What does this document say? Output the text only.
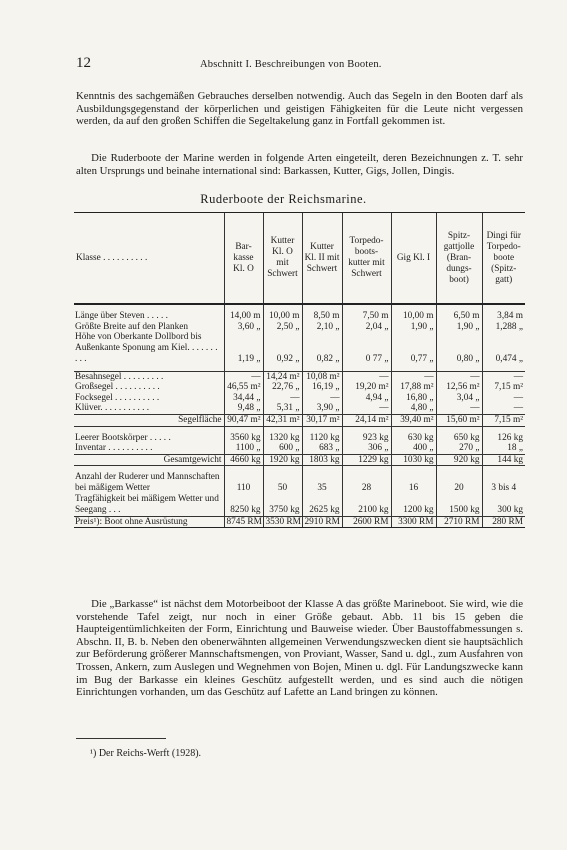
12	Abschnitt I. Beschreibungen von Booten.

Kenntnis des sachgemäßen Gebrauches derselben notwendig. Auch das Segeln in den Booten darf als Ausbildungsgegenstand der körperlichen und geistigen Fähigkeiten für die Leute nicht vergessen werden, da auf den großen Schiffen die Segeltakelung ganz in Fortfall gekommen ist.

Die Ruderboote der Marine werden in folgende Arten eingeteilt, deren Bezeichnungen z. T. sehr alten Ursprungs und beinahe international sind: Barkassen, Kutter, Gigs, Jollen, Dingis.

Ruderboote der Reichsmarine.
Klasse . . . . . . . . . .	Bar-kasse Kl. O	Kutter Kl. O mit Schwert	Kutter Kl. II mit Schwert	Torpedo-boots-kutter mit Schwert	Gig Kl. I	Spitz-gattjolle (Bran-dungs-boot)	Dingi für Torpedo-boote (Spitz-gatt)

Länge über Steven . . . . .	14,00 m	10,00 m	8,50 m	7,50 m	10,00 m	6,50 m	3,84 m
Größte Breite auf den Planken	3,60 „	2,50 „	2,10 „	2,04 „	1,90 „	1,90 „	1,288 „
Höhe von Oberkante Dollbord bis Außenkante Sponung am Kiel. . . . . . . . . .	1,19 „	0,92 „	0,82 „	0 77 „	0,77 „	0,80 „	0,474 „

Besahnsegel . . . . . . . . .	—	14,24 m²	10,08 m²	—	—	—	—
Großsegel . . . . . . . . . .	46,55 m²	22,76 „	16,19 „	19,20 m²	17,88 m²	12,56 m²	7,15 m²
Focksegel . . . . . . . . . .	34,44 „	—	—	4,94 „	16,80 „	3,04 „	—
Klüver. . . . . . . . . . .	9,48 „	5,31 „	3,90 „	—	4,80 „	—	—
Segelfläche	90,47 m²	42,31 m²	30,17 m²	24,14 m²	39,40 m²	15,60 m²	7,15 m²

Leerer Bootskörper . . . . .	3560 kg	1320 kg	1120 kg	923 kg	630 kg	650 kg	126 kg
Inventar . . . . . . . . . .	1100 „	600 „	683 „	306 „	400 „	270 „	18 „
Gesamtgewicht	4660 kg	1920 kg	1803 kg	1229 kg	1030 kg	920 kg	144 kg

Anzahl der Ruderer und Mannschaften bei mäßigem Wetter	110	50	35	28	16	20	3 bis 4
Tragfähigkeit bei mäßigem Wetter und Seegang . . .	8250 kg	3750 kg	2625 kg	2100 kg	1200 kg	1500 kg	300 kg
Preis¹): Boot ohne Ausrüstung	8745 RM	3530 RM	2910 RM	2600 RM	3300 RM	2710 RM	280 RM

Die „Barkasse“ ist nächst dem Motorbeiboot der Klasse A das größte Marineboot. Sie wird, wie die vorstehende Tafel zeigt, nur noch in einer Größe gebaut. Abb. 11 bis 15 geben die Haupteigentümlichkeiten der Form, Einrichtung und Bauweise wieder. Über Baustoffabmessungen s. Abschn. II, B. b. Neben den obenerwähnten allgemeinen Verwendungszwecken dient sie hauptsächlich zur Beförderung größerer Mannschaftsmengen, von Proviant, Wasser, Sand u. dgl., zum Ausfahren von Trossen, Ankern, zum Auslegen und Wegnehmen von Bojen, Minen u. dgl. Für Landungszwecke kann im Bug der Barkasse ein kleines Geschütz aufgestellt werden, und es sind auch die nötigen Einrichtungen vorhanden, um das Geschütz auf Lafette an Land bringen zu können.

¹) Der Reichs-Werft (1928).
